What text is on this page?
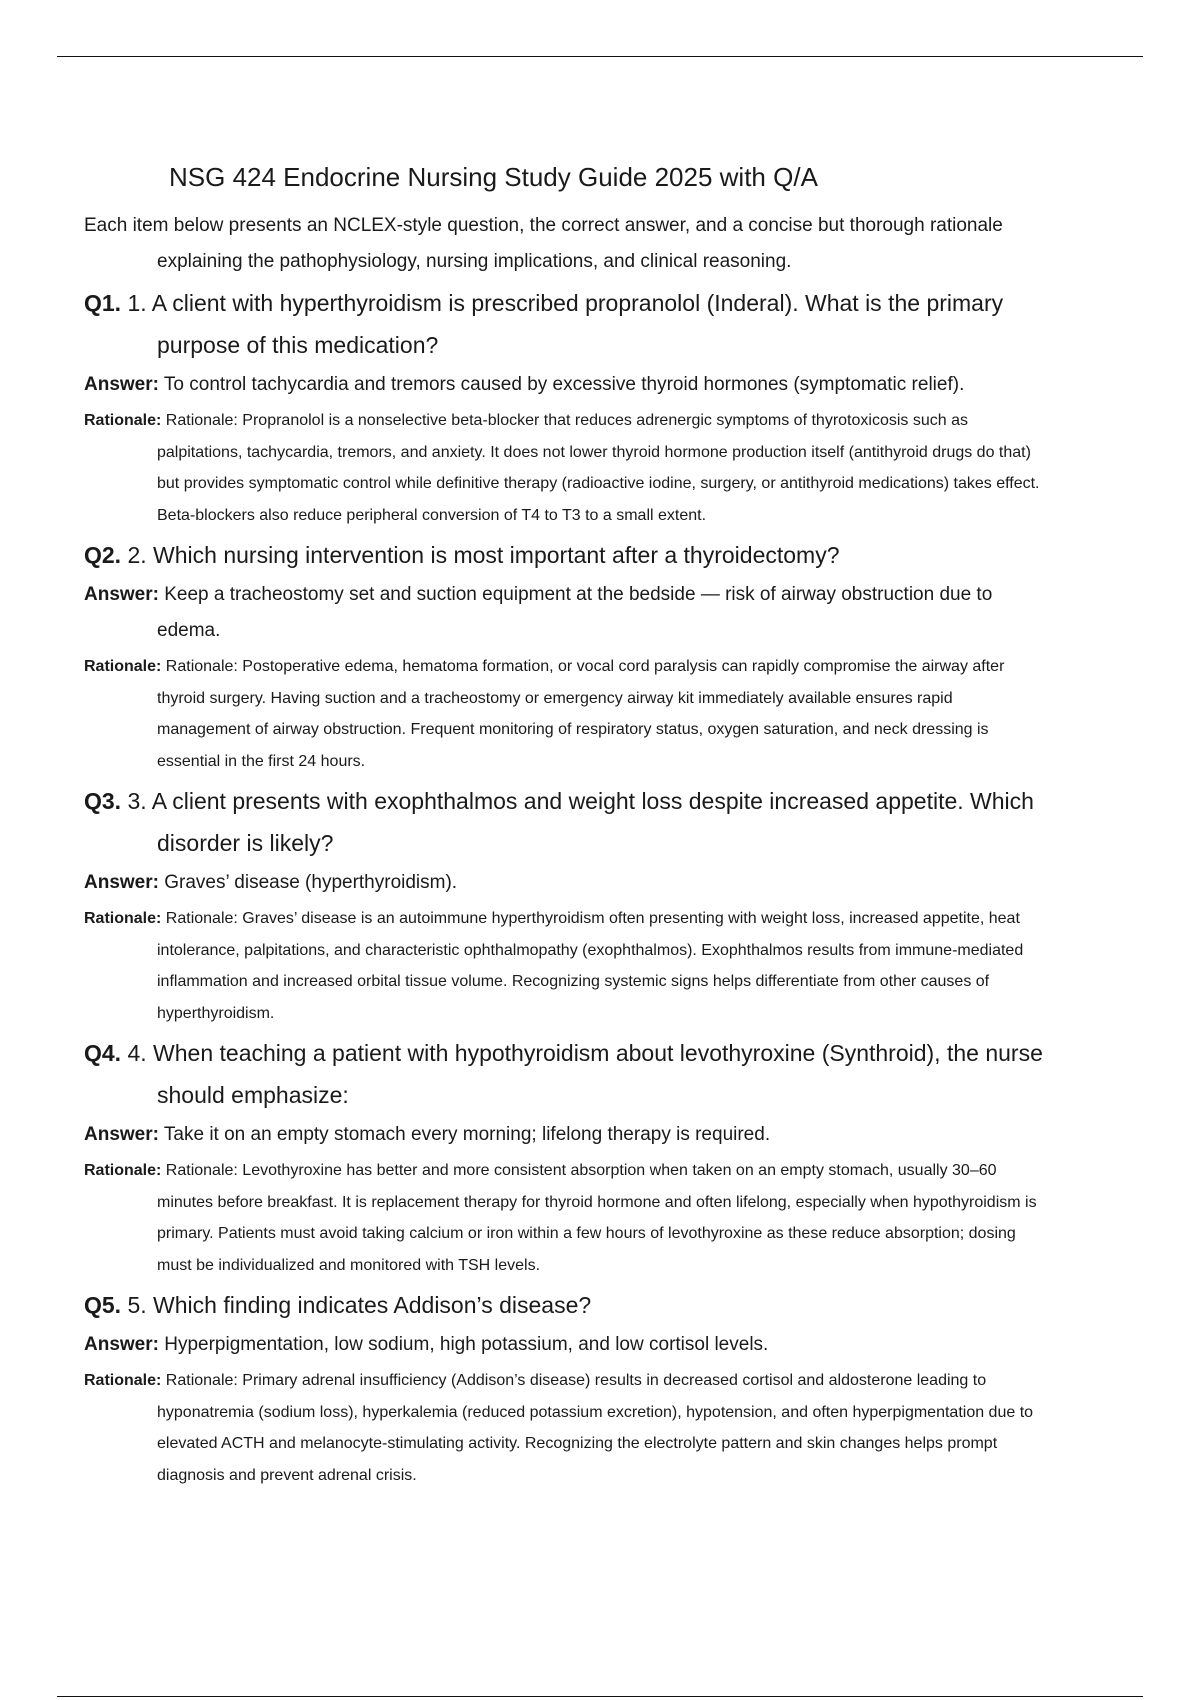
NSG 424 Endocrine Nursing Study Guide 2025 with Q/A

Each item below presents an NCLEX-style question, the correct answer, and a concise but thorough rationale explaining the pathophysiology, nursing implications, and clinical reasoning.

Q1. 1. A client with hyperthyroidism is prescribed propranolol (Inderal). What is the primary purpose of this medication?

Answer: To control tachycardia and tremors caused by excessive thyroid hormones (symptomatic relief).

Rationale: Rationale: Propranolol is a nonselective beta-blocker that reduces adrenergic symptoms of thyrotoxicosis such as palpitations, tachycardia, tremors, and anxiety. It does not lower thyroid hormone production itself (antithyroid drugs do that) but provides symptomatic control while definitive therapy (radioactive iodine, surgery, or antithyroid medications) takes effect. Beta-blockers also reduce peripheral conversion of T4 to T3 to a small extent.

Q2. 2. Which nursing intervention is most important after a thyroidectomy?

Answer: Keep a tracheostomy set and suction equipment at the bedside — risk of airway obstruction due to edema.

Rationale: Rationale: Postoperative edema, hematoma formation, or vocal cord paralysis can rapidly compromise the airway after thyroid surgery. Having suction and a tracheostomy or emergency airway kit immediately available ensures rapid management of airway obstruction. Frequent monitoring of respiratory status, oxygen saturation, and neck dressing is essential in the first 24 hours.

Q3. 3. A client presents with exophthalmos and weight loss despite increased appetite. Which disorder is likely?

Answer: Graves’ disease (hyperthyroidism).

Rationale: Rationale: Graves’ disease is an autoimmune hyperthyroidism often presenting with weight loss, increased appetite, heat intolerance, palpitations, and characteristic ophthalmopathy (exophthalmos). Exophthalmos results from immune-mediated inflammation and increased orbital tissue volume. Recognizing systemic signs helps differentiate from other causes of hyperthyroidism.

Q4. 4. When teaching a patient with hypothyroidism about levothyroxine (Synthroid), the nurse should emphasize:

Answer: Take it on an empty stomach every morning; lifelong therapy is required.

Rationale: Rationale: Levothyroxine has better and more consistent absorption when taken on an empty stomach, usually 30–60 minutes before breakfast. It is replacement therapy for thyroid hormone and often lifelong, especially when hypothyroidism is primary. Patients must avoid taking calcium or iron within a few hours of levothyroxine as these reduce absorption; dosing must be individualized and monitored with TSH levels.

Q5. 5. Which finding indicates Addison’s disease?

Answer: Hyperpigmentation, low sodium, high potassium, and low cortisol levels.

Rationale: Rationale: Primary adrenal insufficiency (Addison’s disease) results in decreased cortisol and aldosterone leading to hyponatremia (sodium loss), hyperkalemia (reduced potassium excretion), hypotension, and often hyperpigmentation due to elevated ACTH and melanocyte-stimulating activity. Recognizing the electrolyte pattern and skin changes helps prompt diagnosis and prevent adrenal crisis.
